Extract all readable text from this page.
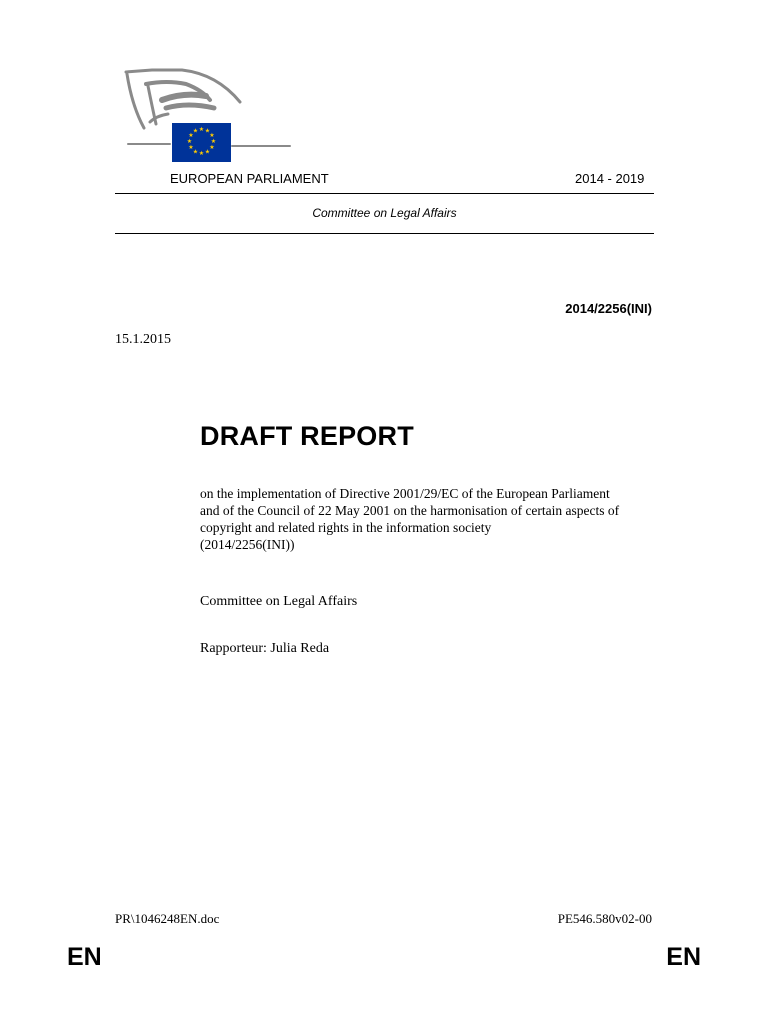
★ ★
★
★
★
★
★
★
★
★
★
★
EUROPEAN PARLIAMENT	2014 - 2019
Committee on Legal Affairs
2014/2256(INI)
15.1.2015
DRAFT REPORT
on the implementation of Directive 2001/29/EC of the European Parliament
and of the Council of 22 May 2001 on the harmonisation of certain aspects of
copyright and related rights in the information society
(2014/2256(INI))
Committee on Legal Affairs
Rapporteur: Julia Reda
PR\1046248EN.doc	PE546.580v02-00
EN	EN
